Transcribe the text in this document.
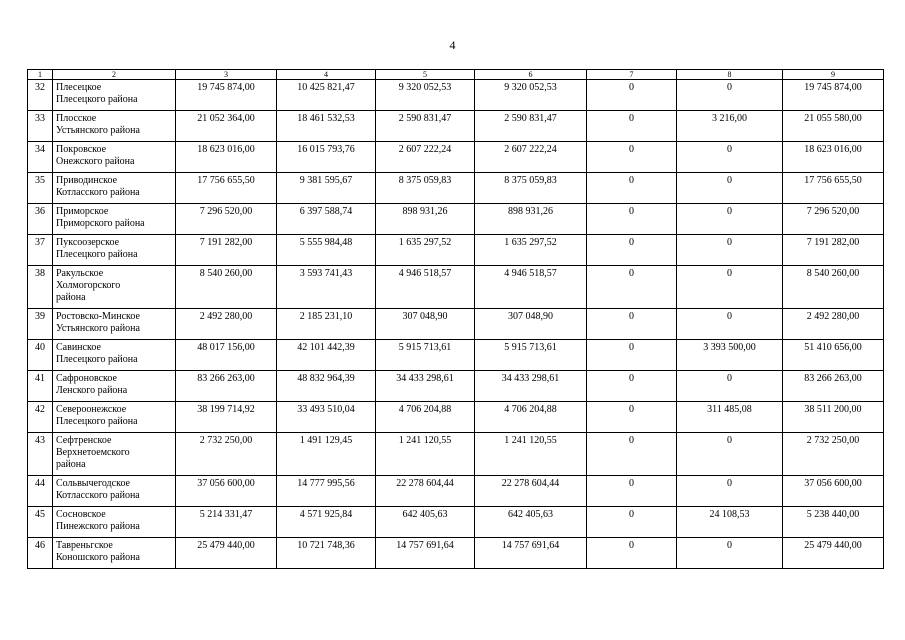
4
1	2	3	4	5	6	7	8	9
32	Плесецкое
Плесецкого района	19 745 874,00	10 425 821,47	9 320 052,53	9 320 052,53	0	0	19 745 874,00
33	Плосское
Устьянского района	21 052 364,00	18 461 532,53	2 590 831,47	2 590 831,47	0	3 216,00	21 055 580,00
34	Покровское
Онежского района	18 623 016,00	16 015 793,76	2 607 222,24	2 607 222,24	0	0	18 623 016,00
35	Приводинское
Котласского района	17 756 655,50	9 381 595,67	8 375 059,83	8 375 059,83	0	0	17 756 655,50
36	Приморское
Приморского района	7 296 520,00	6 397 588,74	898 931,26	898 931,26	0	0	7 296 520,00
37	Пуксоозерское
Плесецкого района	7 191 282,00	5 555 984,48	1 635 297,52	1 635 297,52	0	0	7 191 282,00
38	Ракульское
Холмогорского
района	8 540 260,00	3 593 741,43	4 946 518,57	4 946 518,57	0	0	8 540 260,00
39	Ростовско-Минское
Устьянского района	2 492 280,00	2 185 231,10	307 048,90	307 048,90	0	0	2 492 280,00
40	Савинское
Плесецкого района	48 017 156,00	42 101 442,39	5 915 713,61	5 915 713,61	0	3 393 500,00	51 410 656,00
41	Сафроновское
Ленского района	83 266 263,00	48 832 964,39	34 433 298,61	34 433 298,61	0	0	83 266 263,00
42	Североонежское
Плесецкого района	38 199 714,92	33 493 510,04	4 706 204,88	4 706 204,88	0	311 485,08	38 511 200,00
43	Сефтренское
Верхнетоемского
района	2 732 250,00	1 491 129,45	1 241 120,55	1 241 120,55	0	0	2 732 250,00
44	Сольвычегодское
Котласского района	37 056 600,00	14 777 995,56	22 278 604,44	22 278 604,44	0	0	37 056 600,00
45	Сосновское
Пинежского района	5 214 331,47	4 571 925,84	642 405,63	642 405,63	0	24 108,53	5 238 440,00
46	Тавреньгское
Коношского района	25 479 440,00	10 721 748,36	14 757 691,64	14 757 691,64	0	0	25 479 440,00
